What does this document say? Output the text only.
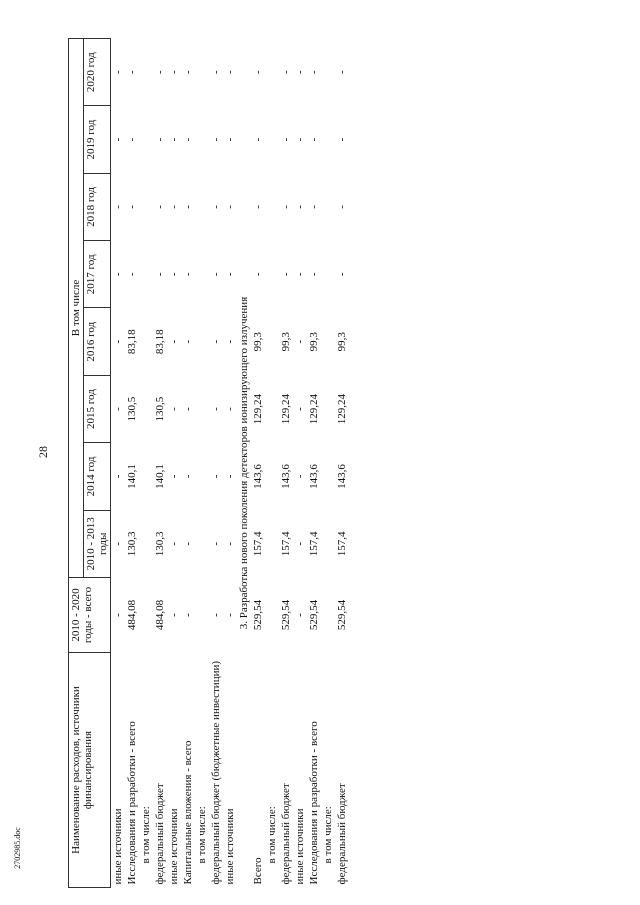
28
Наименование расходов, источники финансирования	2010 - 2020 годы - всего	В том числе							
		2010 - 2013 годы	2014 год	2015 год	2016 год	2017 год	2018 год	2019 год	2020 год
иные источники	-	-	-	-	-	-	-	-	-
Исследования и разработки - всего	484,08	130,3	140,1	130,5	83,18	-	-	-	-
в том числе:									
федеральный бюджет	484,08	130,3	140,1	130,5	83,18	-	-	-	-
иные источники	-	-	-	-	-	-	-	-	-
Капитальные вложения - всего	-	-	-	-	-	-	-	-	-
в том числе:									
федеральный бюджет (бюджетные инвестиции)	-	-	-	-	-	-	-	-	-
иные источники	-	-	-	-	-	-	-	-	-
3. Разработка нового поколения детекторов ионизирующего излучения									
Всего	529,54	157,4	143,6	129,24	99,3	-	-	-	-
в том числе:									
федеральный бюджет	529,54	157,4	143,6	129,24	99,3	-	-	-	-
иные источники	-	-	-	-	-	-	-	-	-
Исследования и разработки - всего	529,54	157,4	143,6	129,24	99,3	-	-	-	-
в том числе:									
федеральный бюджет	529,54	157,4	143,6	129,24	99,3	-	-	-	-
2702985.doc
